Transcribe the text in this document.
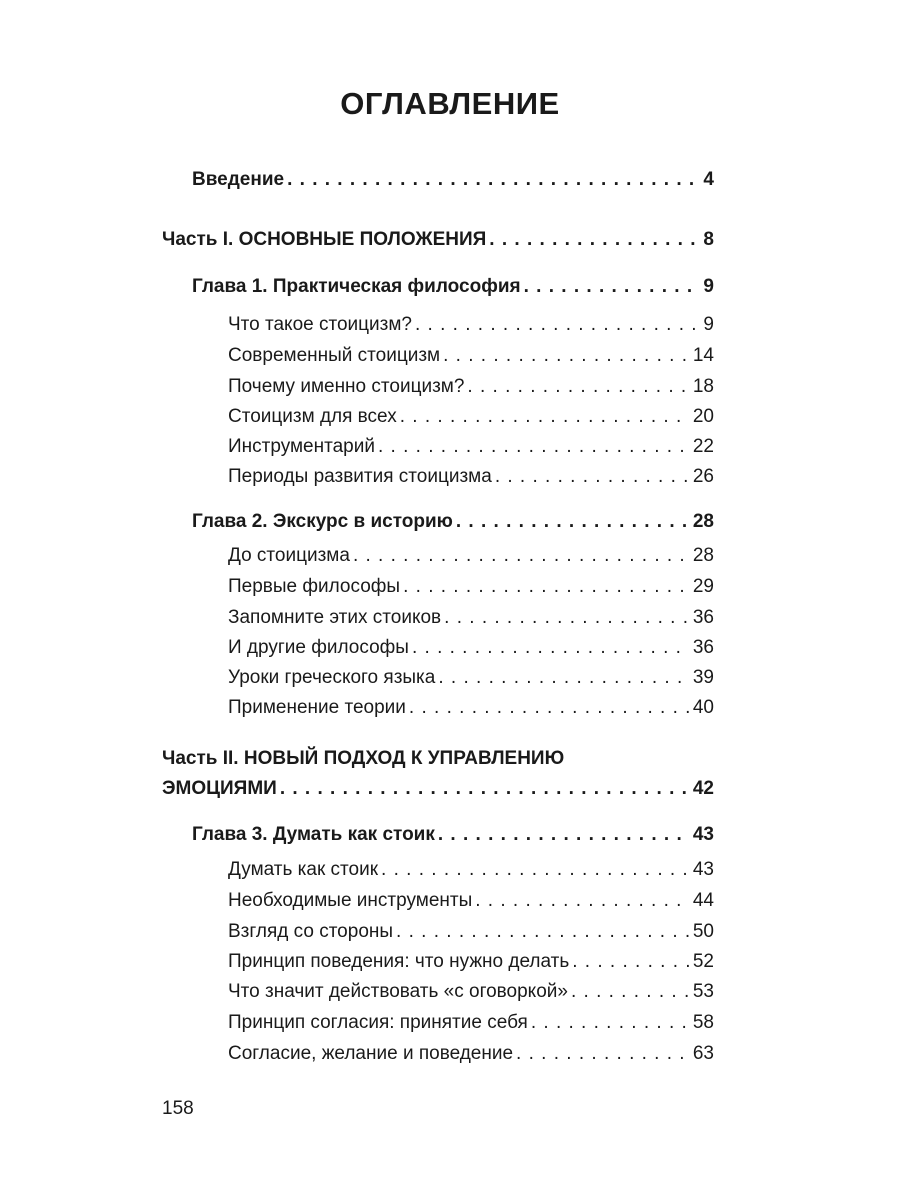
ОГЛАВЛЕНИЕ
Введение . . .	4
Часть I. ОСНОВНЫЕ ПОЛОЖЕНИЯ . . .	8
Глава 1. Практическая философия . . .	9
Что такое стоицизм? . . .	9
Современный стоицизм . . .	14
Почему именно стоицизм? . . .	18
Стоицизм для всех . . .	20
Инструментарий . . .	22
Периоды развития стоицизма . . .	26
Глава 2. Экскурс в историю . . .	28
До стоицизма . . .	28
Первые философы . . .	29
Запомните этих стоиков . . .	36
И другие философы . . .	36
Уроки греческого языка . . .	39
Применение теории . . .	40
Часть II. НОВЫЙ ПОДХОД К УПРАВЛЕНИЮ
ЭМОЦИЯМИ . . .	42
Глава 3. Думать как стоик . . .	43
Думать как стоик . . .	43
Необходимые инструменты . . .	44
Взгляд со стороны . . .	50
Принцип поведения: что нужно делать . . .	52
Что значит действовать «с оговоркой» . . .	53
Принцип согласия: принятие себя . . .	58
Согласие, желание и поведение . . .	63
158
